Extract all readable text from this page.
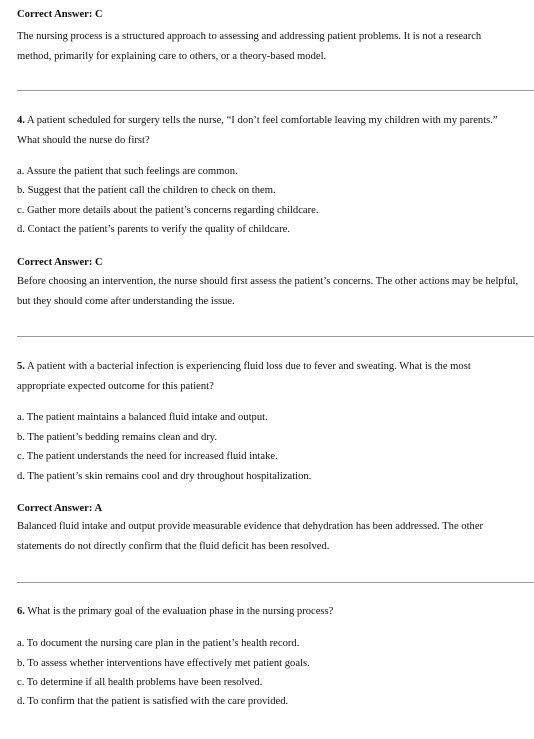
Correct Answer: C
The nursing process is a structured approach to assessing and addressing patient problems. It is not a research method, primarily for explaining care to others, or a theory-based model.
4. A patient scheduled for surgery tells the nurse, “I don’t feel comfortable leaving my children with my parents.” What should the nurse do first?
a. Assure the patient that such feelings are common.
b. Suggest that the patient call the children to check on them.
c. Gather more details about the patient’s concerns regarding childcare.
d. Contact the patient’s parents to verify the quality of childcare.
Correct Answer: C
Before choosing an intervention, the nurse should first assess the patient’s concerns. The other actions may be helpful, but they should come after understanding the issue.
5. A patient with a bacterial infection is experiencing fluid loss due to fever and sweating. What is the most appropriate expected outcome for this patient?
a. The patient maintains a balanced fluid intake and output.
b. The patient’s bedding remains clean and dry.
c. The patient understands the need for increased fluid intake.
d. The patient’s skin remains cool and dry throughout hospitalization.
Correct Answer: A
Balanced fluid intake and output provide measurable evidence that dehydration has been addressed. The other statements do not directly confirm that the fluid deficit has been resolved.
6. What is the primary goal of the evaluation phase in the nursing process?
a. To document the nursing care plan in the patient’s health record.
b. To assess whether interventions have effectively met patient goals.
c. To determine if all health problems have been resolved.
d. To confirm that the patient is satisfied with the care provided.
